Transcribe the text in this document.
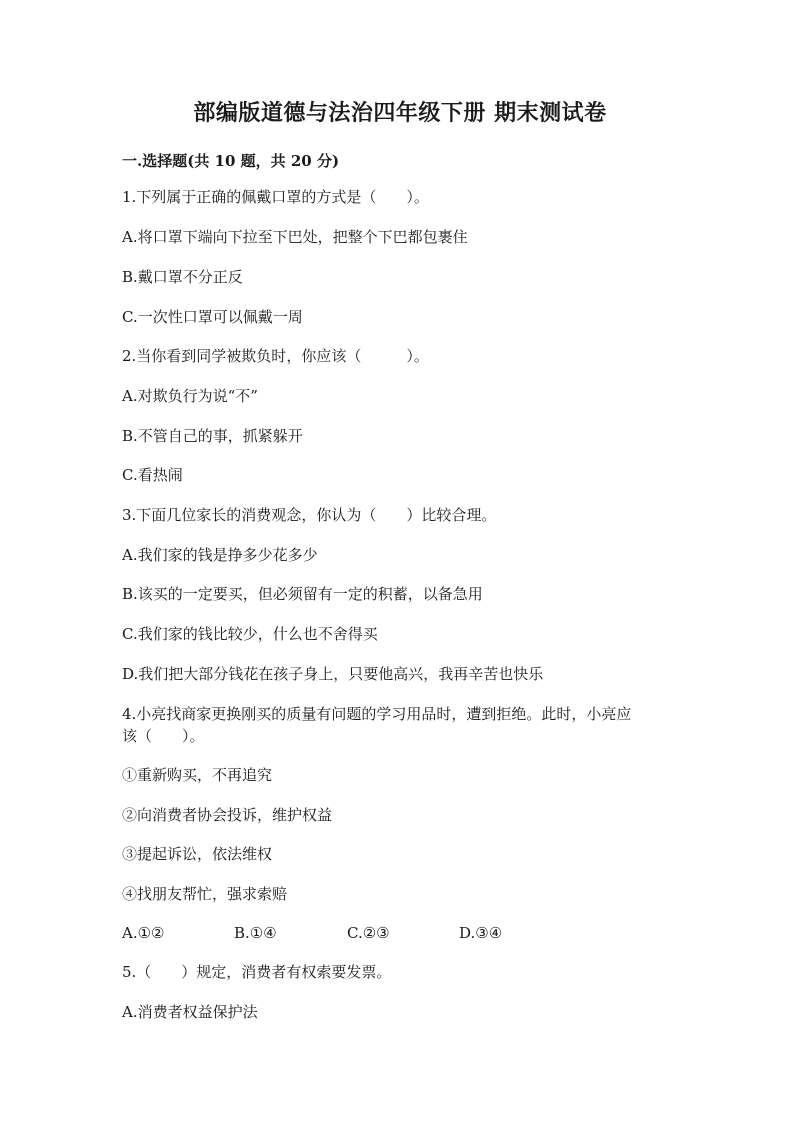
部编版道德与法治四年级下册 期末测试卷
一.选择题(共 10 题，共 20 分)
1.下列属于正确的佩戴口罩的方式是（　　）。
A.将口罩下端向下拉至下巴处，把整个下巴都包裹住
B.戴口罩不分正反
C.一次性口罩可以佩戴一周
2.当你看到同学被欺负时，你应该（　　　）。
A.对欺负行为说“不”
B.不管自己的事，抓紧躲开
C.看热闹
3.下面几位家长的消费观念，你认为（　　）比较合理。
A.我们家的钱是挣多少花多少
B.该买的一定要买，但必须留有一定的积蓄，以备急用
C.我们家的钱比较少，什么也不舍得买
D.我们把大部分钱花在孩子身上，只要他高兴，我再辛苦也快乐
4.小亮找商家更换刚买的质量有问题的学习用品时，遭到拒绝。此时，小亮应
该（　　）。
①重新购买，不再追究
②向消费者协会投诉，维护权益
③提起诉讼，依法维权
④找朋友帮忙，强求索赔
A.①②	B.①④	C.②③	D.③④
5.（　　）规定，消费者有权索要发票。
A.消费者权益保护法
